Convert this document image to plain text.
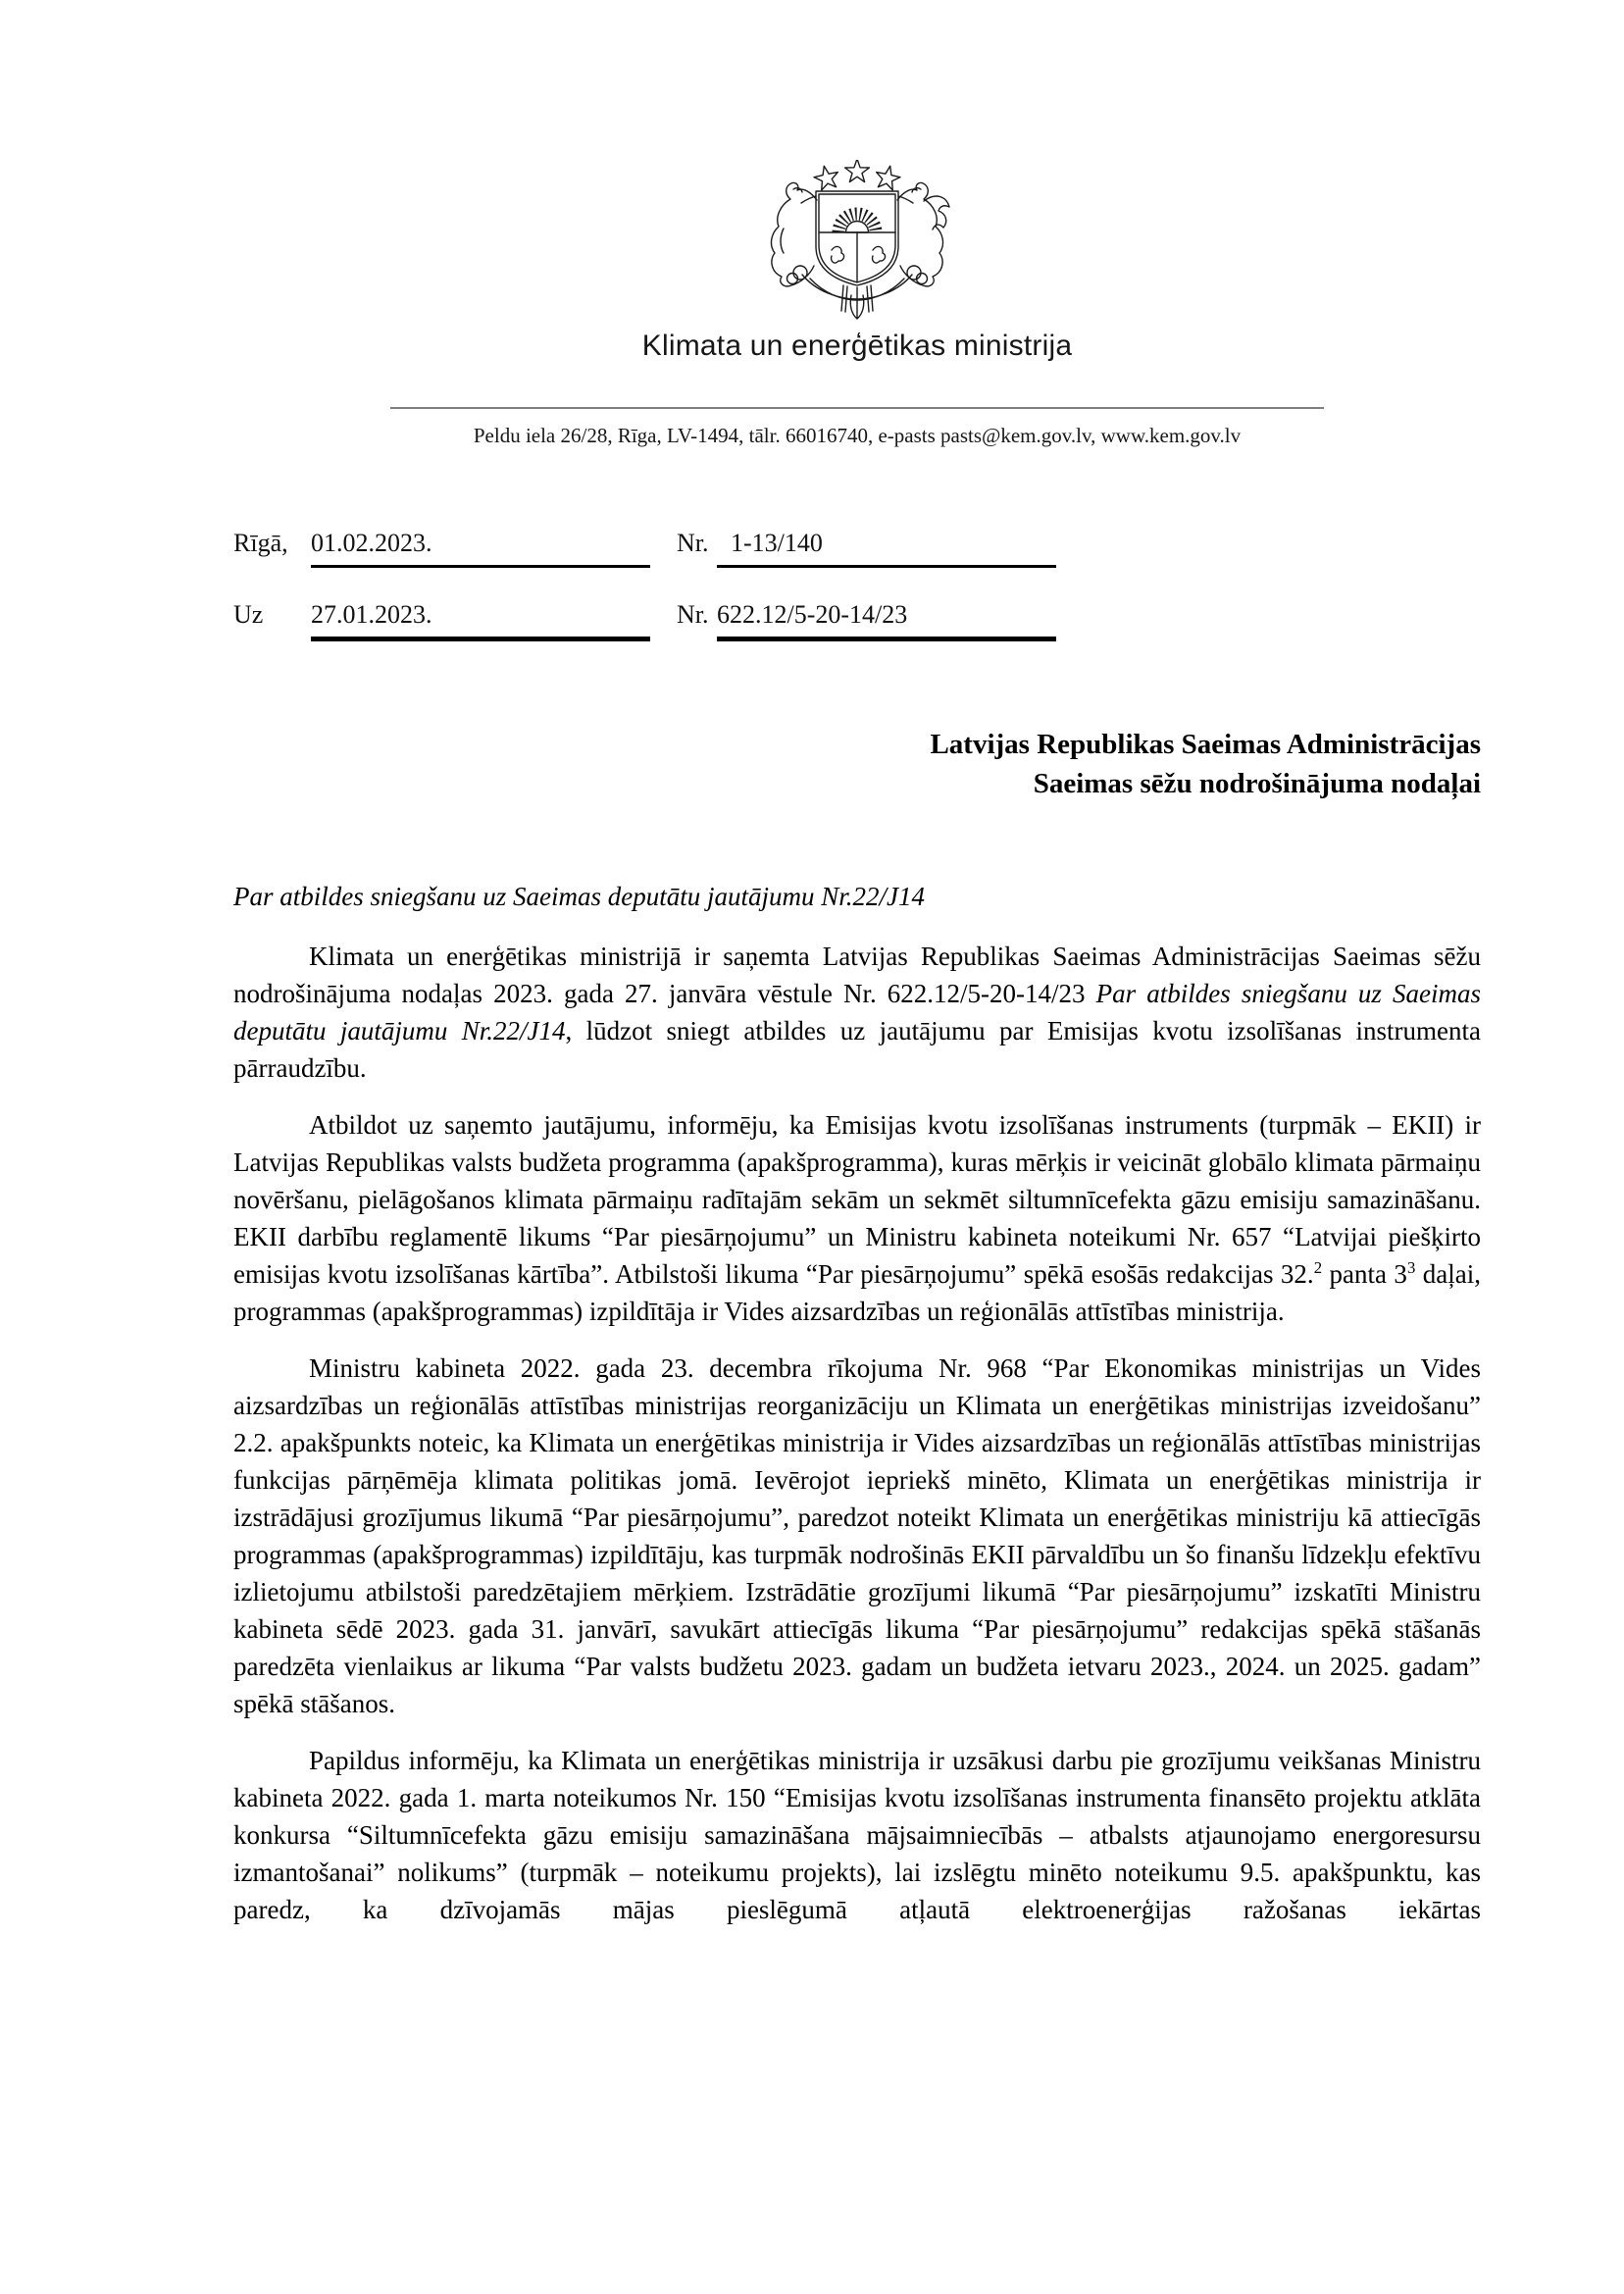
Klimata un enerģētikas ministrija
Peldu iela 26/28, Rīga, LV-1494, tālr. 66016740, e-pasts pasts@kem.gov.lv, www.kem.gov.lv
Rīgā, 01.02.2023.	Nr. 1-13/140
Uz	27.01.2023.	Nr. 622.12/5-20-14/23
Latvijas Republikas Saeimas Administrācijas
Saeimas sēžu nodrošinājuma nodaļai
Par atbildes sniegšanu uz Saeimas deputātu jautājumu Nr.22/J14

Klimata un enerģētikas ministrijā ir saņemta Latvijas Republikas Saeimas Administrācijas Saeimas sēžu nodrošinājuma nodaļas 2023. gada 27. janvāra vēstule Nr. 622.12/5-20-14/23 Par atbildes sniegšanu uz Saeimas deputātu jautājumu Nr.22/J14, lūdzot sniegt atbildes uz jautājumu par Emisijas kvotu izsolīšanas instrumenta pārraudzību.

Atbildot uz saņemto jautājumu, informēju, ka Emisijas kvotu izsolīšanas instruments (turpmāk – EKII) ir Latvijas Republikas valsts budžeta programma (apakšprogramma), kuras mērķis ir veicināt globālo klimata pārmaiņu novēršanu, pielāgošanos klimata pārmaiņu radītajām sekām un sekmēt siltumnīcefekta gāzu emisiju samazināšanu. EKII darbību reglamentē likums “Par piesārņojumu” un Ministru kabineta noteikumi Nr. 657 “Latvijai piešķirto emisijas kvotu izsolīšanas kārtība”. Atbilstoši likuma “Par piesārņojumu” spēkā esošās redakcijas 32.$^2$ panta $3^3$ daļai, programmas (apakšprogrammas) izpildītāja ir Vides aizsardzības un reģionālās attīstības ministrija.

Ministru kabineta 2022. gada 23. decembra rīkojuma Nr. 968 “Par Ekonomikas ministrijas un Vides aizsardzības un reģionālās attīstības ministrijas reorganizāciju un Klimata un enerģētikas ministrijas izveidošanu” 2.2. apakšpunkts noteic, ka Klimata un enerģētikas ministrija ir Vides aizsardzības un reģionālās attīstības ministrijas funkcijas pārņēmēja klimata politikas jomā. Ievērojot iepriekš minēto, Klimata un enerģētikas ministrija ir izstrādājusi grozījumus likumā “Par piesārņojumu”, paredzot noteikt Klimata un enerģētikas ministriju kā attiecīgās programmas (apakšprogrammas) izpildītāju, kas turpmāk nodrošinās EKII pārvaldību un šo finanšu līdzekļu efektīvu izlietojumu atbilstoši paredzētajiem mērķiem. Izstrādātie grozījumi likumā “Par piesārņojumu” izskatīti Ministru kabineta sēdē 2023. gada 31. janvārī, savukārt attiecīgās likuma “Par piesārņojumu” redakcijas spēkā stāšanās paredzēta vienlaikus ar likuma “Par valsts budžetu 2023. gadam un budžeta ietvaru 2023., 2024. un 2025. gadam” spēkā stāšanos.

Papildus informēju, ka Klimata un enerģētikas ministrija ir uzsākusi darbu pie grozījumu veikšanas Ministru kabineta 2022. gada 1. marta noteikumos Nr. 150 “Emisijas kvotu izsolīšanas instrumenta finansēto projektu atklāta konkursa “Siltumnīcefekta gāzu emisiju samazināšana mājsaimniecībās – atbalsts atjaunojamo energoresursu izmantošanai” nolikums” (turpmāk – noteikumu projekts), lai izslēgtu minēto noteikumu 9.5. apakšpunktu, kas paredz, ka dzīvojamās mājas pieslēgumā atļautā elektroenerģijas ražošanas iekārtas
